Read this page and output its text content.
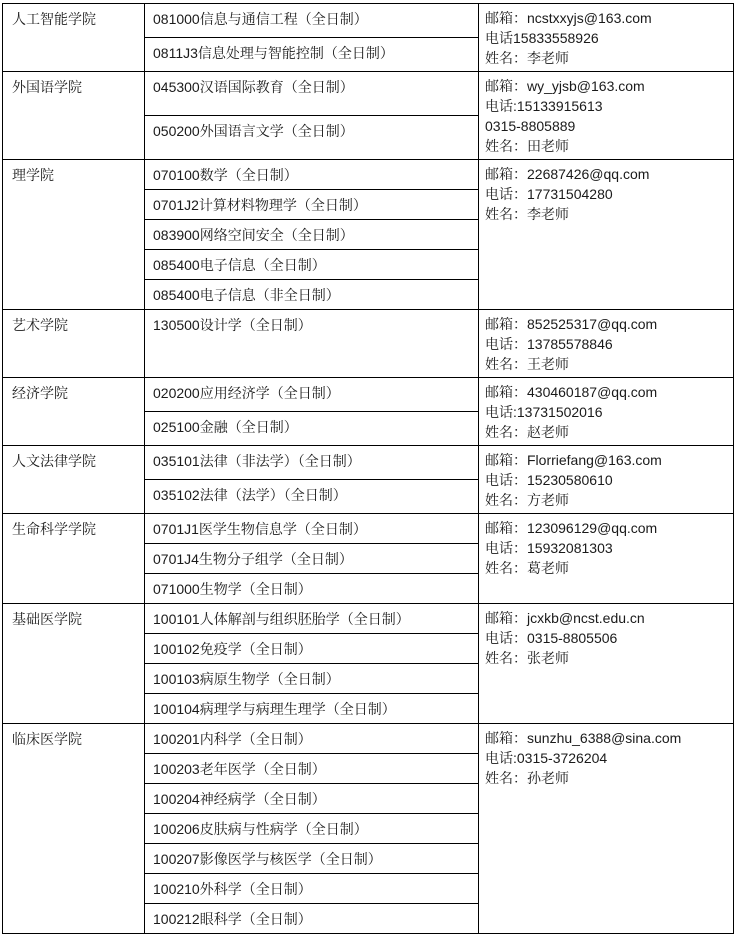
人工智能学院	081000信息与通信工程（全日制）	邮箱：ncstxxyjs@163.com
电话15833558926
姓名：李老师

	0811J3信息处理与智能控制（全日制）	
外国语学院	045300汉语国际教育（全日制）	邮箱：wy_yjsb@163.com
电话:15133915613
0315-8805889
姓名：田老师

	050200外国语言文学（全日制）	
理学院	070100数学（全日制）	邮箱：22687426@qq.com
电话：17731504280
姓名：李老师

	0701J2计算材料物理学（全日制）	
	083900网络空间安全（全日制）	
	085400电子信息（全日制）	
	085400电子信息（非全日制）	
艺术学院	130500设计学（全日制）	邮箱：852525317@qq.com
电话：13785578846
姓名：王老师

经济学院	020200应用经济学（全日制）	邮箱：430460187@qq.com
电话:13731502016
姓名：赵老师

	025100金融（全日制）	
人文法律学院	035101法律（非法学）（全日制）	邮箱：Florriefang@163.com
电话：15230580610
姓名：方老师

	035102法律（法学）（全日制）	
生命科学学院	0701J1医学生物信息学（全日制）	邮箱：123096129@qq.com
电话：15932081303
姓名：葛老师

	0701J4生物分子组学（全日制）	
	071000生物学（全日制）	
基础医学院	100101人体解剖与组织胚胎学（全日制）	邮箱：jcxkb@ncst.edu.cn
电话：0315-8805506
姓名：张老师

	100102免疫学（全日制）	
	100103病原生物学（全日制）	
	100104病理学与病理生理学（全日制）	
临床医学院	100201内科学（全日制）	邮箱：sunzhu_6388@sina.com
电话:0315-3726204
姓名：孙老师

	100203老年医学（全日制）	
	100204神经病学（全日制）	
	100206皮肤病与性病学（全日制）	
	100207影像医学与核医学（全日制）	
	100210外科学（全日制）	
	100212眼科学（全日制）	
